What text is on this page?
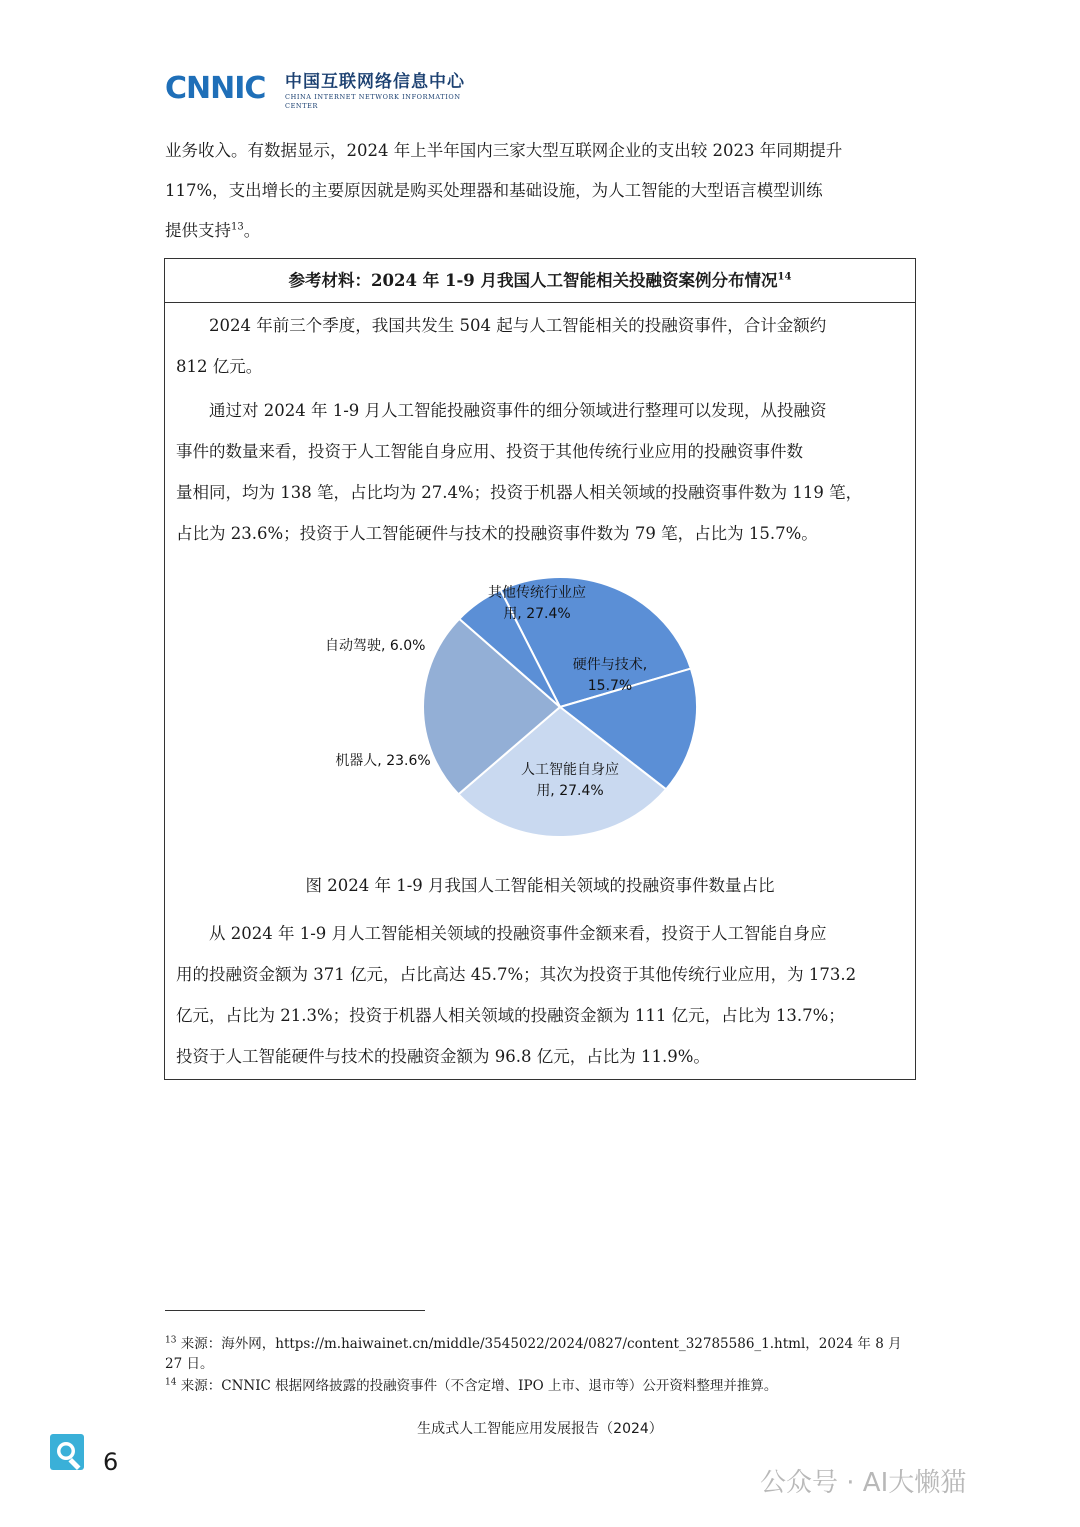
CNNIC 中国互联网络信息中心
CHINA INTERNET NETWORK INFORMATION CENTER
业务收入。有数据显示，2024 年上半年国内三家大型互联网企业的支出较 2023 年同期提升
117%，支出增长的主要原因就是购买处理器和基础设施，为人工智能的大型语言模型训练
提供支持$^{13}$。
参考材料：2024 年 1-9 月我国人工智能相关投融资案例分布情况$^{14}$
　　2024 年前三个季度，我国共发生 504 起与人工智能相关的投融资事件，合计金额约
812 亿元。
　　通过对 2024 年 1-9 月人工智能投融资事件的细分领域进行整理可以发现，从投融资
事件的数量来看，投资于人工智能自身应用、投资于其他传统行业应用的投融资事件数
量相同，均为 138 笔，占比均为 27.4%；投资于机器人相关领域的投融资事件数为 119 笔，
占比为 23.6%；投资于人工智能硬件与技术的投融资事件数为 79 笔，占比为 15.7%。
其他传统行业应用, 27.4%
硬件与技术, 15.7%
人工智能自身应用, 27.4%
机器人, 23.6%
自动驾驶, 6.0%
图 2024 年 1-9 月我国人工智能相关领域的投融资事件数量占比
　　从 2024 年 1-9 月人工智能相关领域的投融资事件金额来看，投资于人工智能自身应
用的投融资金额为 371 亿元，占比高达 45.7%；其次为投资于其他传统行业应用，为 173.2
亿元，占比为 21.3%；投资于机器人相关领域的投融资金额为 111 亿元，占比为 13.7%；
投资于人工智能硬件与技术的投融资金额为 96.8 亿元，占比为 11.9%。
$^{13}$ 来源：海外网，https://m.haiwainet.cn/middle/3545022/2024/0827/content_32785586_1.html，2024 年 8 月
27 日。
$^{14}$ 来源：CNNIC 根据网络披露的投融资事件（不含定增、IPO 上市、退市等）公开资料整理并推算。
生成式人工智能应用发展报告（2024）
6
公众号 · AI大懒猫
